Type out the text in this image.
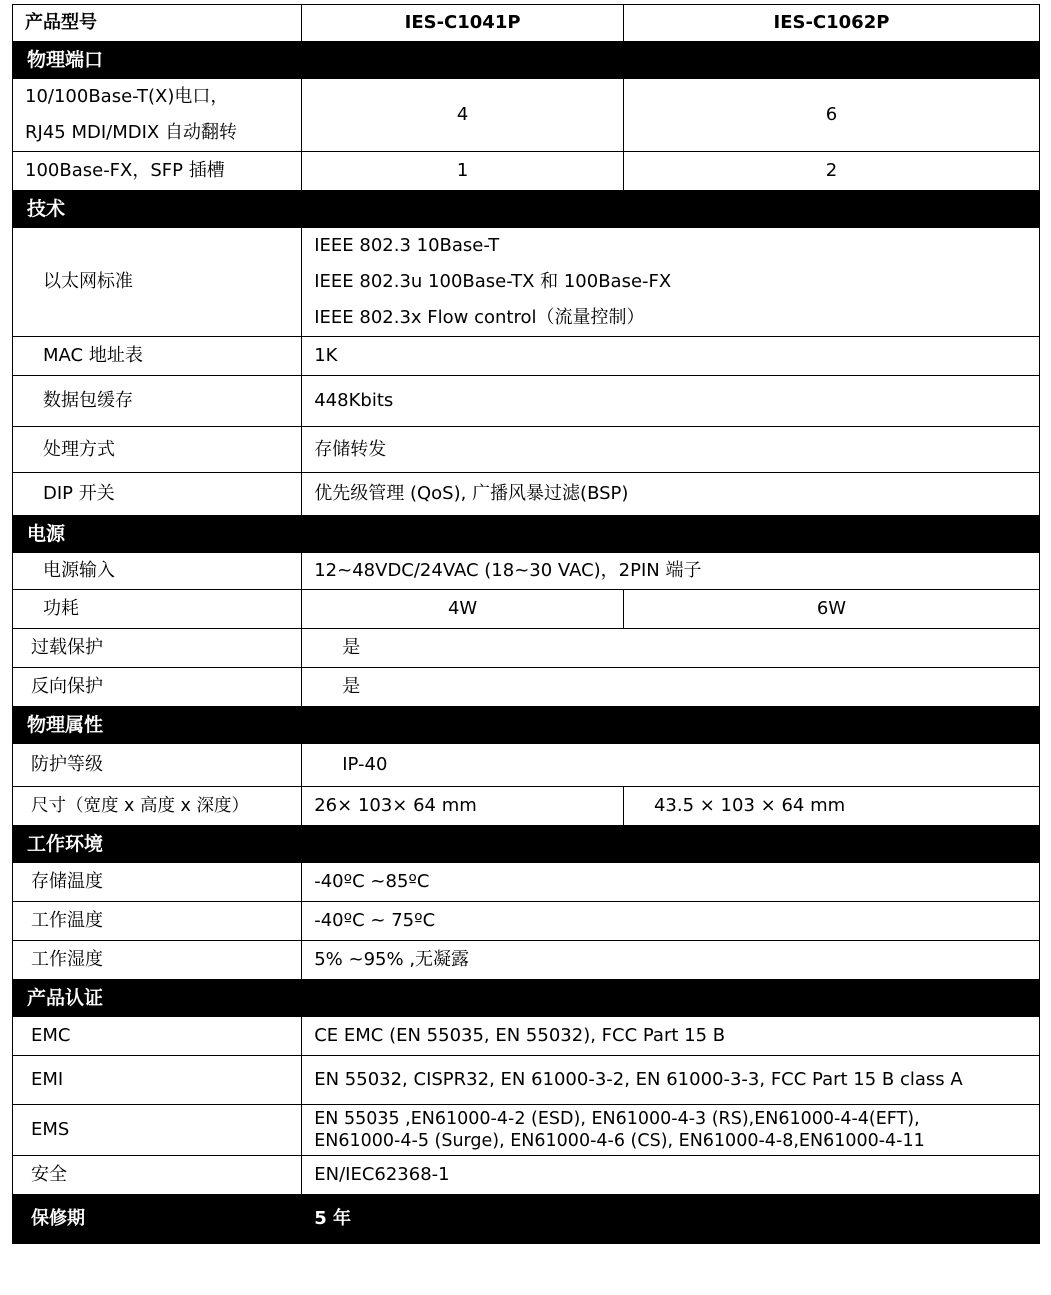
产品型号	IES-C1041P	IES-C1062P
物理端口		

10/100Base-T(X)电口，
RJ45 MDI/MDIX 自动翻转	4	6
100Base-FX，SFP 插槽	1	2
技术		
以太网标准	IEEE 802.3 10Base-T
IEEE 802.3u 100Base-TX 和 100Base-FX
IEEE 802.3x Flow control（流量控制）	

MAC 地址表	1K	
数据包缓存	448Kbits	
处理方式	存储转发	
DIP 开关	优先级管理 (QoS), 广播风暴过滤(BSP)	
电源		
电源输入	12~48VDC/24VAC (18~30 VAC)，2PIN 端子	
功耗	4W	6W
过载保护	是	
反向保护	是	
物理属性		
防护等级	IP-40	
尺寸（宽度 x 高度 x 深度）	26× 103× 64 mm	43.5 × 103 × 64 mm
工作环境		
存储温度	-40ºC ~85ºC	
工作温度	-40ºC ~ 75ºC	
工作湿度	5% ~95% ,无凝露	
产品认证		
EMC	CE EMC (EN 55035, EN 55032), FCC Part 15 B	
EMI	EN 55032, CISPR32, EN 61000-3-2, EN 61000-3-3, FCC Part 15 B class A	
EMS	EN 55035 ,EN61000-4-2 (ESD), EN61000-4-3 (RS),EN61000-4-4(EFT),
EN61000-4-5 (Surge), EN61000-4-6 (CS), EN61000-4-8,EN61000-4-11	

安全	EN/IEC62368-1	
保修期	5 年	
